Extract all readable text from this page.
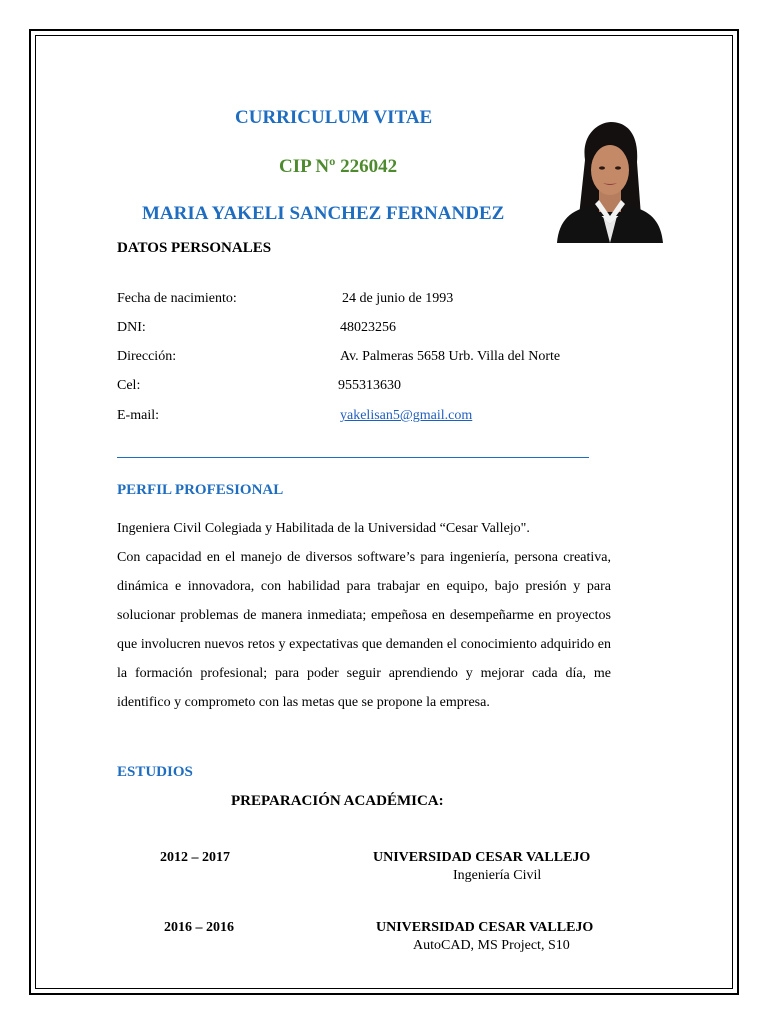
CURRICULUM VITAE
CIP Nº 226042
MARIA YAKELI SANCHEZ FERNANDEZ
DATOS PERSONALES
Fecha de nacimiento:	24 de junio de 1993
DNI:	48023256
Dirección:	Av. Palmeras 5658 Urb. Villa del Norte
Cel:	955313630
E-mail:	yakelisan5@gmail.com
PERFIL PROFESIONAL

Ingeniera Civil Colegiada y Habilitada de la Universidad “Cesar Vallejo".

Con capacidad en el manejo de diversos software’s para ingeniería, persona creativa, dinámica e innovadora, con habilidad para trabajar en equipo, bajo presión y para solucionar problemas de manera inmediata; empeñosa en desempeñarme en proyectos que involucren nuevos retos y expectativas que demanden el conocimiento adquirido en la formación profesional; para poder seguir aprendiendo y mejorar cada día, me identifico y comprometo con las metas que se propone la empresa.

ESTUDIOS
PREPARACIÓN ACADÉMICA:
2012 – 2017	UNIVERSIDAD CESAR VALLEJO
Ingeniería Civil
2016 – 2016	UNIVERSIDAD CESAR VALLEJO
AutoCAD, MS Project, S10
